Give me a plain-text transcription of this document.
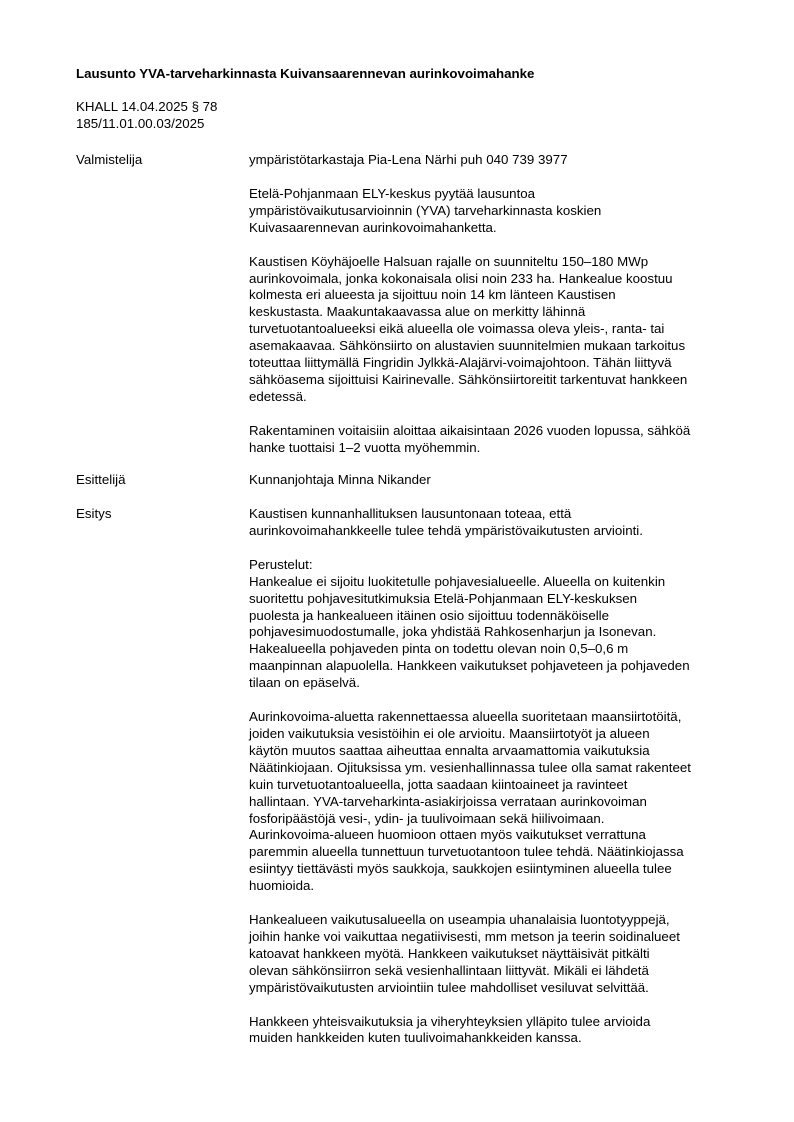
Lausunto YVA-tarveharkinnasta Kuivansaarennevan aurinkovoimahanke
KHALL 14.04.2025 § 78
185/11.01.00.03/2025
Valmistelija	ympäristötarkastaja Pia-Lena Närhi puh 040 739 3977

Etelä-Pohjanmaan ELY-keskus pyytää lausuntoa
ympäristövaikutusarvioinnin (YVA) tarveharkinnasta koskien
Kuivasaarennevan aurinkovoimahanketta.

Kaustisen Köyhäjoelle Halsuan rajalle on suunniteltu 150–180 MWp
aurinkovoimala, jonka kokonaisala olisi noin 233 ha. Hankealue koostuu
kolmesta eri alueesta ja sijoittuu noin 14 km länteen Kaustisen
keskustasta. Maakuntakaavassa alue on merkitty lähinnä
turvetuotantoalueeksi eikä alueella ole voimassa oleva yleis-, ranta- tai
asemakaavaa. Sähkönsiirto on alustavien suunnitelmien mukaan tarkoitus
toteuttaa liittymällä Fingridin Jylkkä-Alajärvi-voimajohtoon. Tähän liittyvä
sähköasema sijoittuisi Kairinevalle. Sähkönsiirtoreitit tarkentuvat hankkeen
edetessä.

Rakentaminen voitaisiin aloittaa aikaisintaan 2026 vuoden lopussa, sähköä
hanke tuottaisi 1–2 vuotta myöhemmin.

Esittelijä	Kunnanjohtaja Minna Nikander
Esitys	Kaustisen kunnanhallituksen lausuntonaan toteaa, että
aurinkovoimahankkeelle tulee tehdä ympäristövaikutusten arviointi.

Perustelut:
Hankealue ei sijoitu luokitetulle pohjavesialueelle. Alueella on kuitenkin
suoritettu pohjavesitutkimuksia Etelä-Pohjanmaan ELY-keskuksen
puolesta ja hankealueen itäinen osio sijoittuu todennäköiselle
pohjavesimuodostumalle, joka yhdistää Rahkosenharjun ja Isonevan.
Hakealueella pohjaveden pinta on todettu olevan noin 0,5–0,6 m
maanpinnan alapuolella. Hankkeen vaikutukset pohjaveteen ja pohjaveden
tilaan on epäselvä.

Aurinkovoima-aluetta rakennettaessa alueella suoritetaan maansiirtotöitä,
joiden vaikutuksia vesistöihin ei ole arvioitu. Maansiirtotyöt ja alueen
käytön muutos saattaa aiheuttaa ennalta arvaamattomia vaikutuksia
Näätinkiojaan. Ojituksissa ym. vesienhallinnassa tulee olla samat rakenteet
kuin turvetuotantoalueella, jotta saadaan kiintoaineet ja ravinteet
hallintaan. YVA-tarveharkinta-asiakirjoissa verrataan aurinkovoiman
fosforipäästöjä vesi-, ydin- ja tuulivoimaan sekä hiilivoimaan.
Aurinkovoima-alueen huomioon ottaen myös vaikutukset verrattuna
paremmin alueella tunnettuun turvetuotantoon tulee tehdä. Näätinkiojassa
esiintyy tiettävästi myös saukkoja, saukkojen esiintyminen alueella tulee
huomioida.

Hankealueen vaikutusalueella on useampia uhanalaisia luontotyyppejä,
joihin hanke voi vaikuttaa negatiivisesti, mm metson ja teerin soidinalueet
katoavat hankkeen myötä. Hankkeen vaikutukset näyttäisivät pitkälti
olevan sähkönsiirron sekä vesienhallintaan liittyvät. Mikäli ei lähdetä
ympäristövaikutusten arviointiin tulee mahdolliset vesiluvat selvittää.

Hankkeen yhteisvaikutuksia ja viheryhteyksien ylläpito tulee arvioida
muiden hankkeiden kuten tuulivoimahankkeiden kanssa.
